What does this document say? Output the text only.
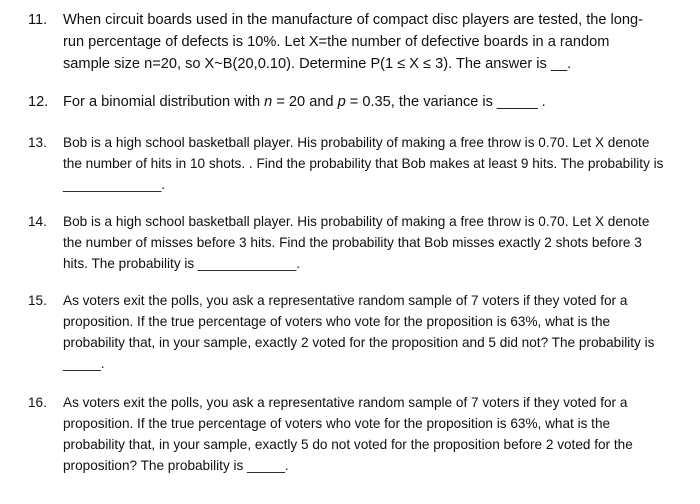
11. When circuit boards used in the manufacture of compact disc players are tested, the long-
run percentage of defects is 10%. Let X=the number of defective boards in a random
sample size n=20, so X~B(20,0.10). Determine P(1 ≤ X ≤ 3). The answer is __.
12. For a binomial distribution with n = 20 and p = 0.35, the variance is _____ .
13. Bob is a high school basketball player. His probability of making a free throw is 0.70. Let X denote
the number of hits in 10 shots. . Find the probability that Bob makes at least 9 hits. The probability is
_____________.
14. Bob is a high school basketball player. His probability of making a free throw is 0.70. Let X denote
the number of misses before 3 hits. Find the probability that Bob misses exactly 2 shots before 3
hits. The probability is _____________.
15. As voters exit the polls, you ask a representative random sample of 7 voters if they voted for a
proposition. If the true percentage of voters who vote for the proposition is 63%, what is the
probability that, in your sample, exactly 2 voted for the proposition and 5 did not? The probability is
_____.
16. As voters exit the polls, you ask a representative random sample of 7 voters if they voted for a
proposition. If the true percentage of voters who vote for the proposition is 63%, what is the
probability that, in your sample, exactly 5 do not voted for the proposition before 2 voted for the
proposition? The probability is _____.
